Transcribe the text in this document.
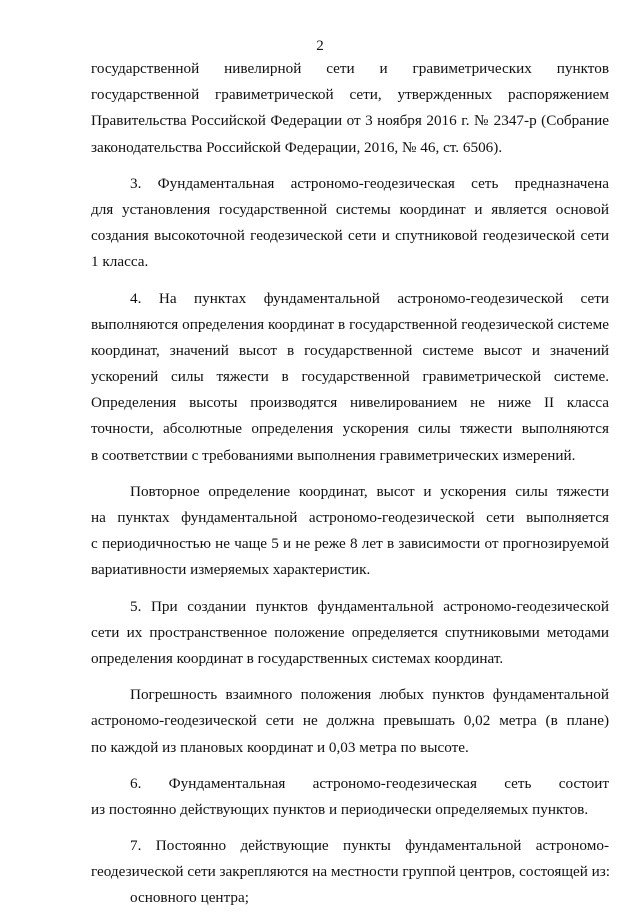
2
государственной нивелирной сети и гравиметрических пунктов
государственной гравиметрической сети, утвержденных распоряжением
Правительства Российской Федерации от 3 ноября 2016 г. № 2347-р (Собрание
законодательства Российской Федерации, 2016, № 46, ст. 6506).
3. Фундаментальная астрономо-геодезическая сеть предназначена
для установления государственной системы координат и является основой
создания высокоточной геодезической сети и спутниковой геодезической сети
1 класса.
4. На пунктах фундаментальной астрономо-геодезической сети
выполняются определения координат в государственной геодезической системе
координат, значений высот в государственной системе высот и значений
ускорений силы тяжести в государственной гравиметрической системе.
Определения высоты производятся нивелированием не ниже II класса
точности, абсолютные определения ускорения силы тяжести выполняются
в соответствии с требованиями выполнения гравиметрических измерений.
Повторное определение координат, высот и ускорения силы тяжести
на пунктах фундаментальной астрономо-геодезической сети выполняется
с периодичностью не чаще 5 и не реже 8 лет в зависимости от прогнозируемой
вариативности измеряемых характеристик.
5. При создании пунктов фундаментальной астрономо-геодезической
сети их пространственное положение определяется спутниковыми методами
определения координат в государственных системах координат.
Погрешность взаимного положения любых пунктов фундаментальной
астрономо-геодезической сети не должна превышать 0,02 метра (в плане)
по каждой из плановых координат и 0,03 метра по высоте.
6. Фундаментальная астрономо-геодезическая сеть состоит
из постоянно действующих пунктов и периодически определяемых пунктов.
7. Постоянно действующие пункты фундаментальной астрономо-
геодезической сети закрепляются на местности группой центров, состоящей из:
основного центра;
